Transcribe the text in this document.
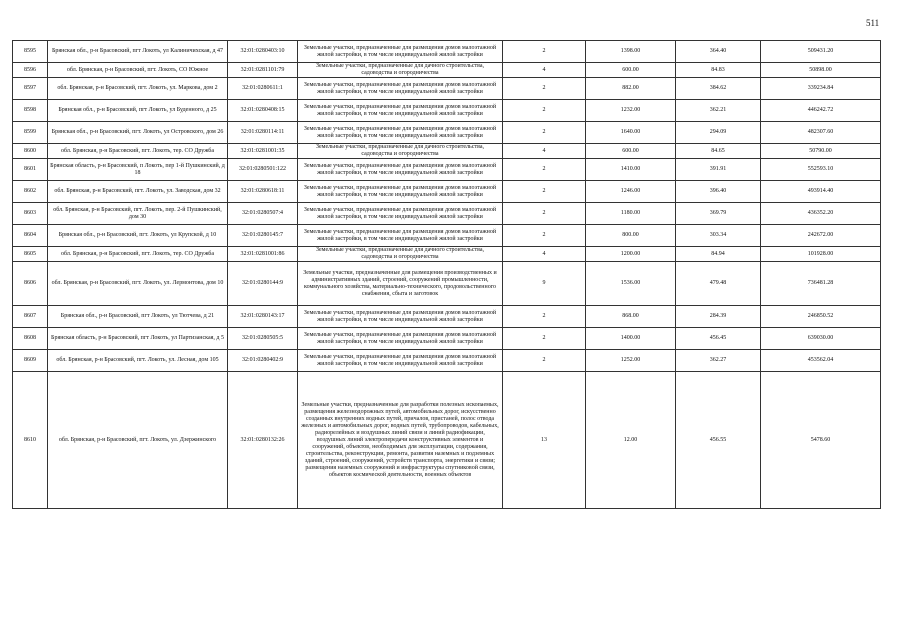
511
8595	Брянская обл., р-н Брасовский, пгт Локоть, ул Калиничихская, д 47	32:01:0280403:10	Земельные участки, предназначенные для размещения домов малоэтажной жилой застройки, в том числе индивидуальной жилой застройки	2	1398.00	364.40	509431.20
8596	обл. Брянская, р-н Брасовский, пгт. Локоть, СО Южное	32:01:0281101:79	Земельные участки, предназначенные для дачного строительства, садоводства и огородничества	4	600.00	84.83	50898.00
8597	обл. Брянская, р-н Брасовский, пгт. Локоть, ул. Маркова, дом 2	32:01:0280611:1	Земельные участки, предназначенные для размещения домов малоэтажной жилой застройки, в том числе индивидуальной жилой застройки	2	882.00	384.62	339234.84
8598	Брянская обл., р-н Брасовский, пгт Локоть, ул Буденного, д 25	32:01:0280408:15	Земельные участки, предназначенные для размещения домов малоэтажной жилой застройки, в том числе индивидуальной жилой застройки	2	1232.00	362.21	446242.72
8599	Брянская обл., р-н Брасовский, пгт. Локоть, ул Островского, дом 26	32:01:0280114:11	Земельные участки, предназначенные для размещения домов малоэтажной жилой застройки, в том числе индивидуальной жилой застройки	2	1640.00	294.09	482307.60
8600	обл. Брянская, р-н Брасовский, пгт. Локоть, тер. СО Дружба	32:01:0281001:35	Земельные участки, предназначенные для дачного строительства, садоводства и огородничества	4	600.00	84.65	50790.00
8601	Брянская область, р-н Брасовский, п Локоть, пер 1-й Пушкинский, д 18	32:01:0280501:122	Земельные участки, предназначенные для размещения домов малоэтажной жилой застройки, в том числе индивидуальной жилой застройки	2	1410.00	391.91	552593.10
8602	обл. Брянская, р-н Брасовский, пгт. Локоть, ул. Заводская, дом 32	32:01:0280618:11	Земельные участки, предназначенные для размещения домов малоэтажной жилой застройки, в том числе индивидуальной жилой застройки	2	1246.00	396.40	493914.40
8603	обл. Брянская, р-н Брасовский, пгт. Локоть, пер. 2-й Пушкинский, дом 30	32:01:0280507:4	Земельные участки, предназначенные для размещения домов малоэтажной жилой застройки, в том числе индивидуальной жилой застройки	2	1180.00	369.79	436352.20
8604	Брянская обл., р-н Брасовский, пгт. Локоть, ул Крупской, д 10	32:01:0280145:7	Земельные участки, предназначенные для размещения домов малоэтажной жилой застройки, в том числе индивидуальной жилой застройки	2	800.00	303.34	242672.00
8605	обл. Брянская, р-н Брасовский, пгт. Локоть, тер. СО Дружба	32:01:0281001:86	Земельные участки, предназначенные для дачного строительства, садоводства и огородничества	4	1200.00	84.94	101928.00
8606	обл. Брянская, р-н Брасовский, пгт. Локоть, ул. Лермонтова, дом 10	32:01:0280144:9	Земельные участки, предназначенные для размещения производственных и административных зданий, строений, сооружений промышленности, коммунального хозяйства, материально-технического, продовольственного снабжения, сбыта и заготовок	9	1536.00	479.48	736481.28
8607	Брянская обл., р-н Брасовский, пгт Локоть, ул Тютчева, д 21	32:01:0280143:17	Земельные участки, предназначенные для размещения домов малоэтажной жилой застройки, в том числе индивидуальной жилой застройки	2	868.00	284.39	246850.52
8608	Брянская область, р-н Брасовский, пгт Локоть, ул Партизанская, д 5	32:01:0280505:5	Земельные участки, предназначенные для размещения домов малоэтажной жилой застройки, в том числе индивидуальной жилой застройки	2	1400.00	456.45	639030.00
8609	обл. Брянская, р-н Брасовский, пгт. Локоть, ул. Лесная, дом 105	32:01:0280402:9	Земельные участки, предназначенные для размещения домов малоэтажной жилой застройки, в том числе индивидуальной жилой застройки	2	1252.00	362.27	453562.04
8610	обл. Брянская, р-н Брасовский, пгт. Локоть, ул. Дзержинского	32:01:0280132:26	Земельные участки, предназначенные для разработки полезных ископаемых, размещения железнодорожных путей, автомобильных дорог, искусственно созданных внутренних водных путей, причалов, пристаней, полос отвода железных и автомобильных дорог, водных путей, трубопроводов, кабельных, радиорелейных и воздушных линий связи и линий радиофикации, воздушных линий электропередачи конструктивных элементов и сооружений, объектов, необходимых для эксплуатации, содержания, строительства, реконструкции, ремонта, развития наземных и подземных зданий, строений, сооружений, устройств транспорта, энергетики и связи; размещения наземных сооружений и инфраструктуры спутниковой связи, объектов космической деятельности, военных объектов	13	12.00	456.55	5478.60
